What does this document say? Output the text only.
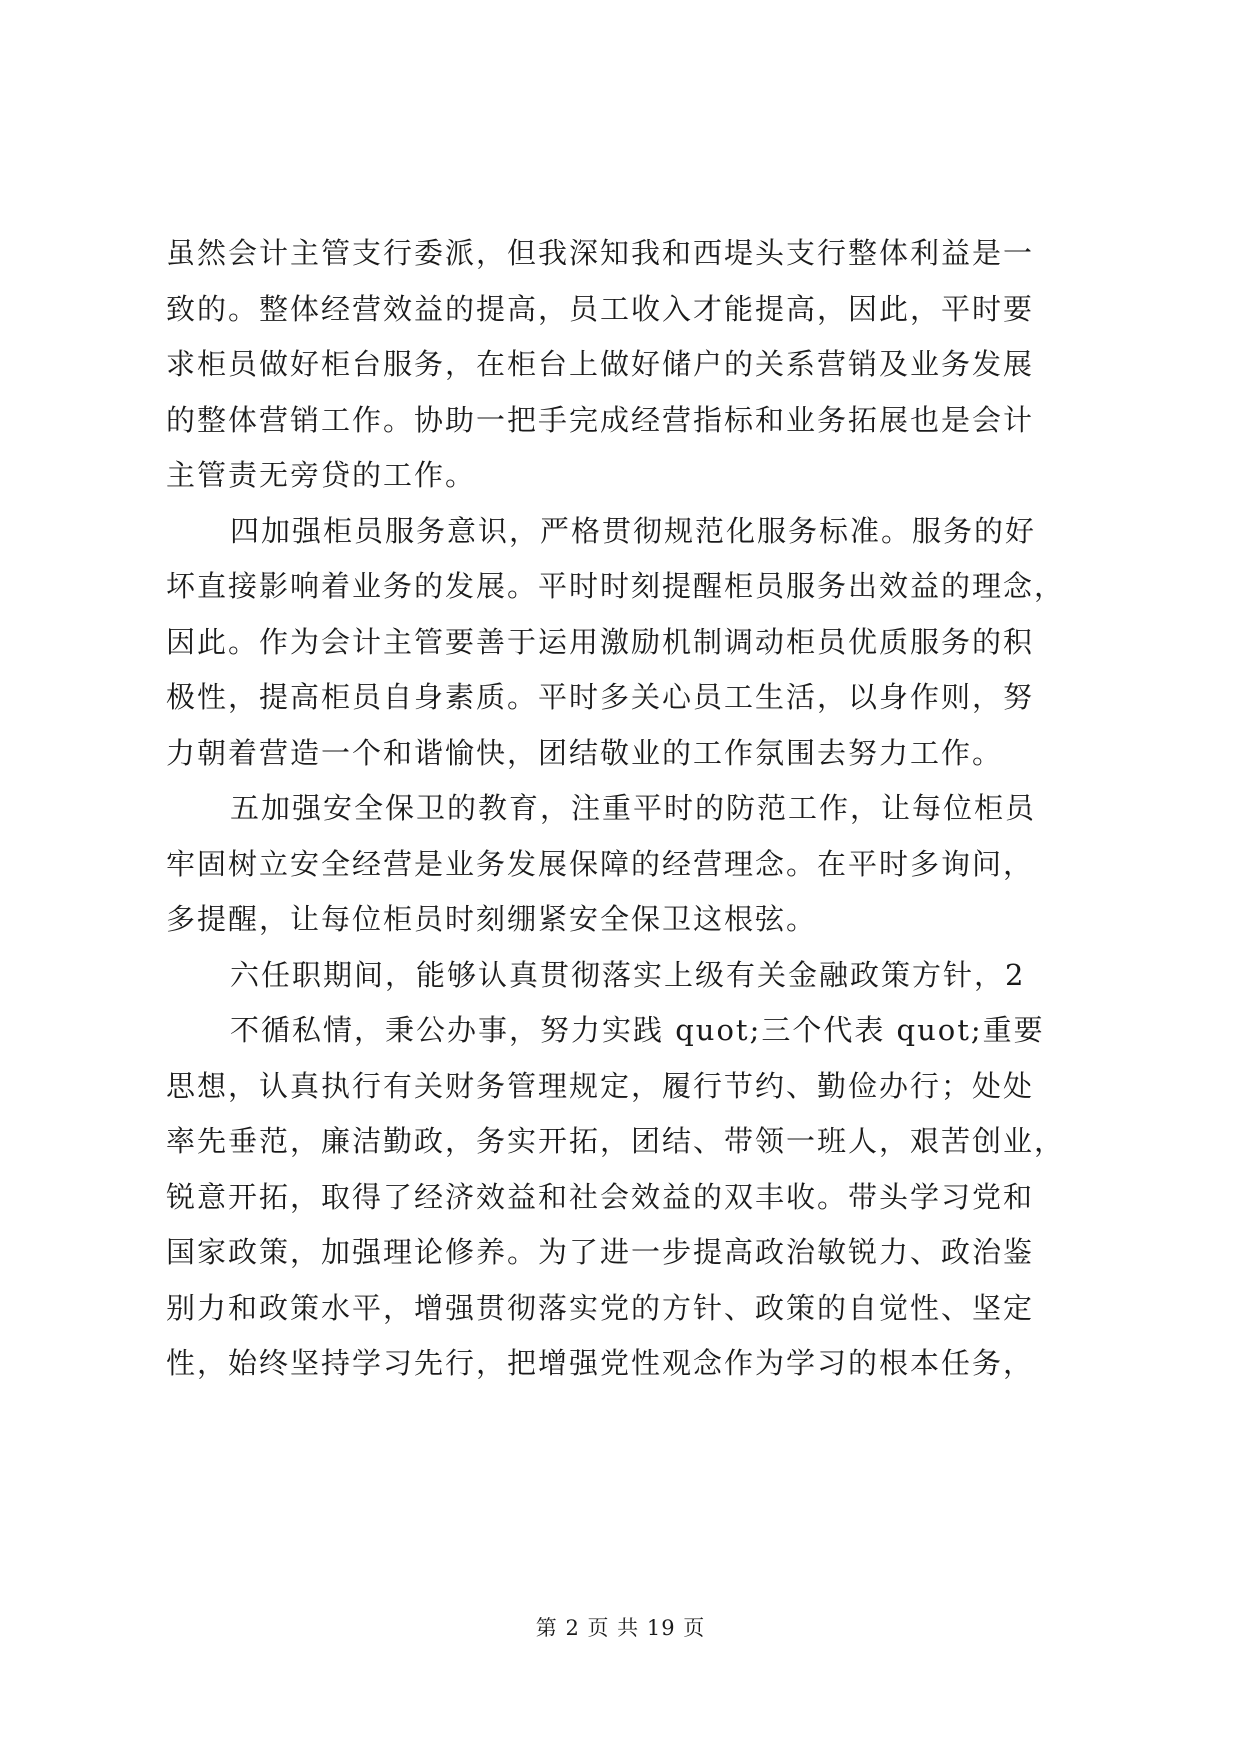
虽然会计主管支行委派，但我深知我和西堤头支行整体利益是一
致的。整体经营效益的提高，员工收入才能提高，因此，平时要
求柜员做好柜台服务，在柜台上做好储户的关系营销及业务发展
的整体营销工作。协助一把手完成经营指标和业务拓展也是会计
主管责无旁贷的工作。
四加强柜员服务意识，严格贯彻规范化服务标准。服务的好
坏直接影响着业务的发展。平时时刻提醒柜员服务出效益的理念，
因此。作为会计主管要善于运用激励机制调动柜员优质服务的积
极性，提高柜员自身素质。平时多关心员工生活，以身作则，努
力朝着营造一个和谐愉快，团结敬业的工作氛围去努力工作。
五加强安全保卫的教育，注重平时的防范工作，让每位柜员
牢固树立安全经营是业务发展保障的经营理念。在平时多询问，
多提醒，让每位柜员时刻绷紧安全保卫这根弦。
六任职期间，能够认真贯彻落实上级有关金融政策方针，2
不循私情，秉公办事，努力实践 quot;三个代表 quot;重要
思想，认真执行有关财务管理规定，履行节约、勤俭办行；处处
率先垂范，廉洁勤政，务实开拓，团结、带领一班人，艰苦创业，
锐意开拓，取得了经济效益和社会效益的双丰收。带头学习党和
国家政策，加强理论修养。为了进一步提高政治敏锐力、政治鉴
别力和政策水平，增强贯彻落实党的方针、政策的自觉性、坚定
性，始终坚持学习先行，把增强党性观念作为学习的根本任务，
第 2 页 共 19 页
